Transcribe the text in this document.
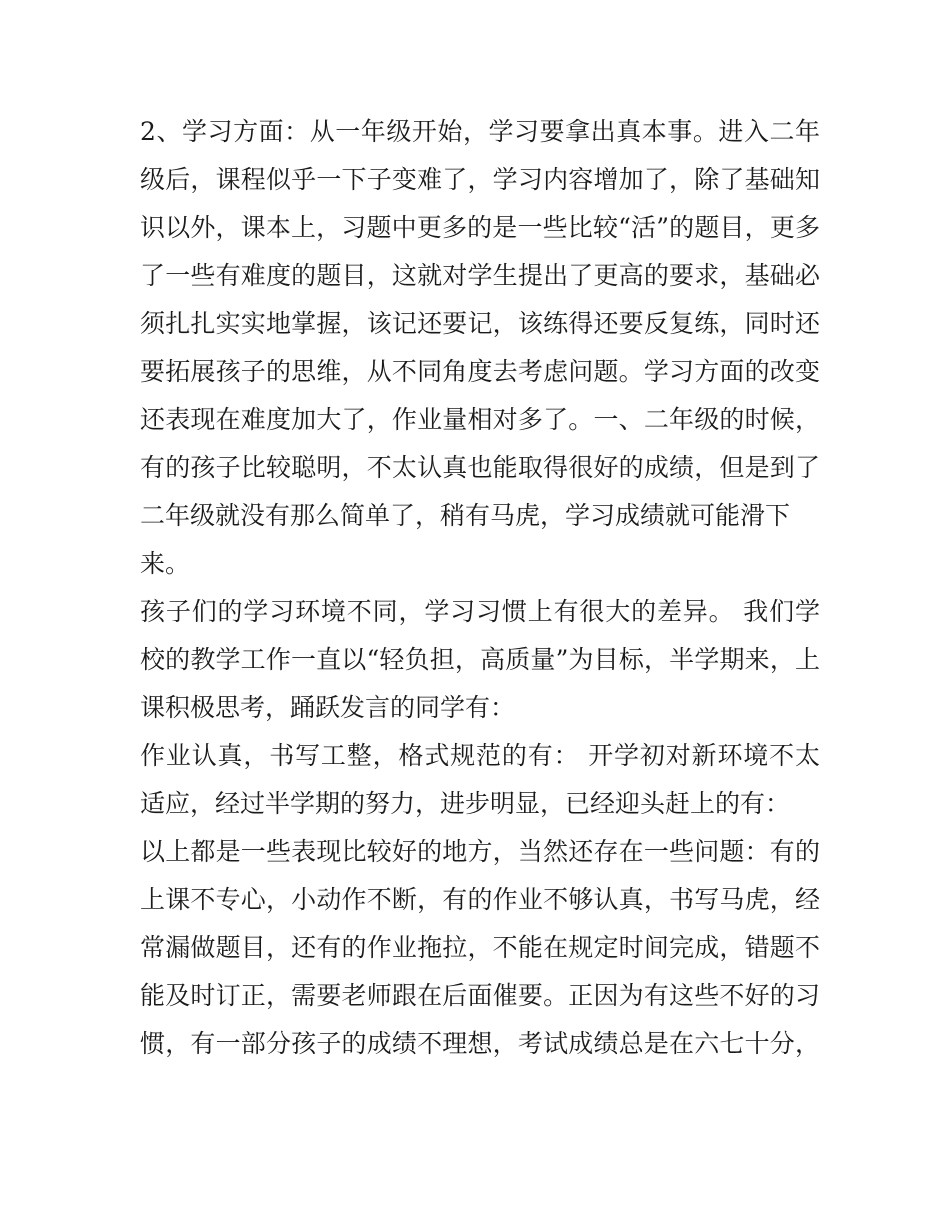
2、学习方面：从一年级开始，学习要拿出真本事。进入二年
级后，课程似乎一下子变难了，学习内容增加了，除了基础知
识以外，课本上，习题中更多的是一些比较“活”的题目，更多
了一些有难度的题目，这就对学生提出了更高的要求，基础必
须扎扎实实地掌握，该记还要记，该练得还要反复练，同时还
要拓展孩子的思维，从不同角度去考虑问题。学习方面的改变
还表现在难度加大了，作业量相对多了。一、二年级的时候，
有的孩子比较聪明，不太认真也能取得很好的成绩，但是到了
二年级就没有那么简单了，稍有马虎，学习成绩就可能滑下
来。
孩子们的学习环境不同，学习习惯上有很大的差异。 我们学
校的教学工作一直以“轻负担，高质量”为目标，半学期来，上
课积极思考，踊跃发言的同学有：
作业认真，书写工整，格式规范的有： 开学初对新环境不太
适应，经过半学期的努力，进步明显，已经迎头赶上的有：
以上都是一些表现比较好的地方，当然还存在一些问题：有的
上课不专心，小动作不断，有的作业不够认真，书写马虎，经
常漏做题目，还有的作业拖拉，不能在规定时间完成，错题不
能及时订正，需要老师跟在后面催要。正因为有这些不好的习
惯，有一部分孩子的成绩不理想，考试成绩总是在六七十分，
